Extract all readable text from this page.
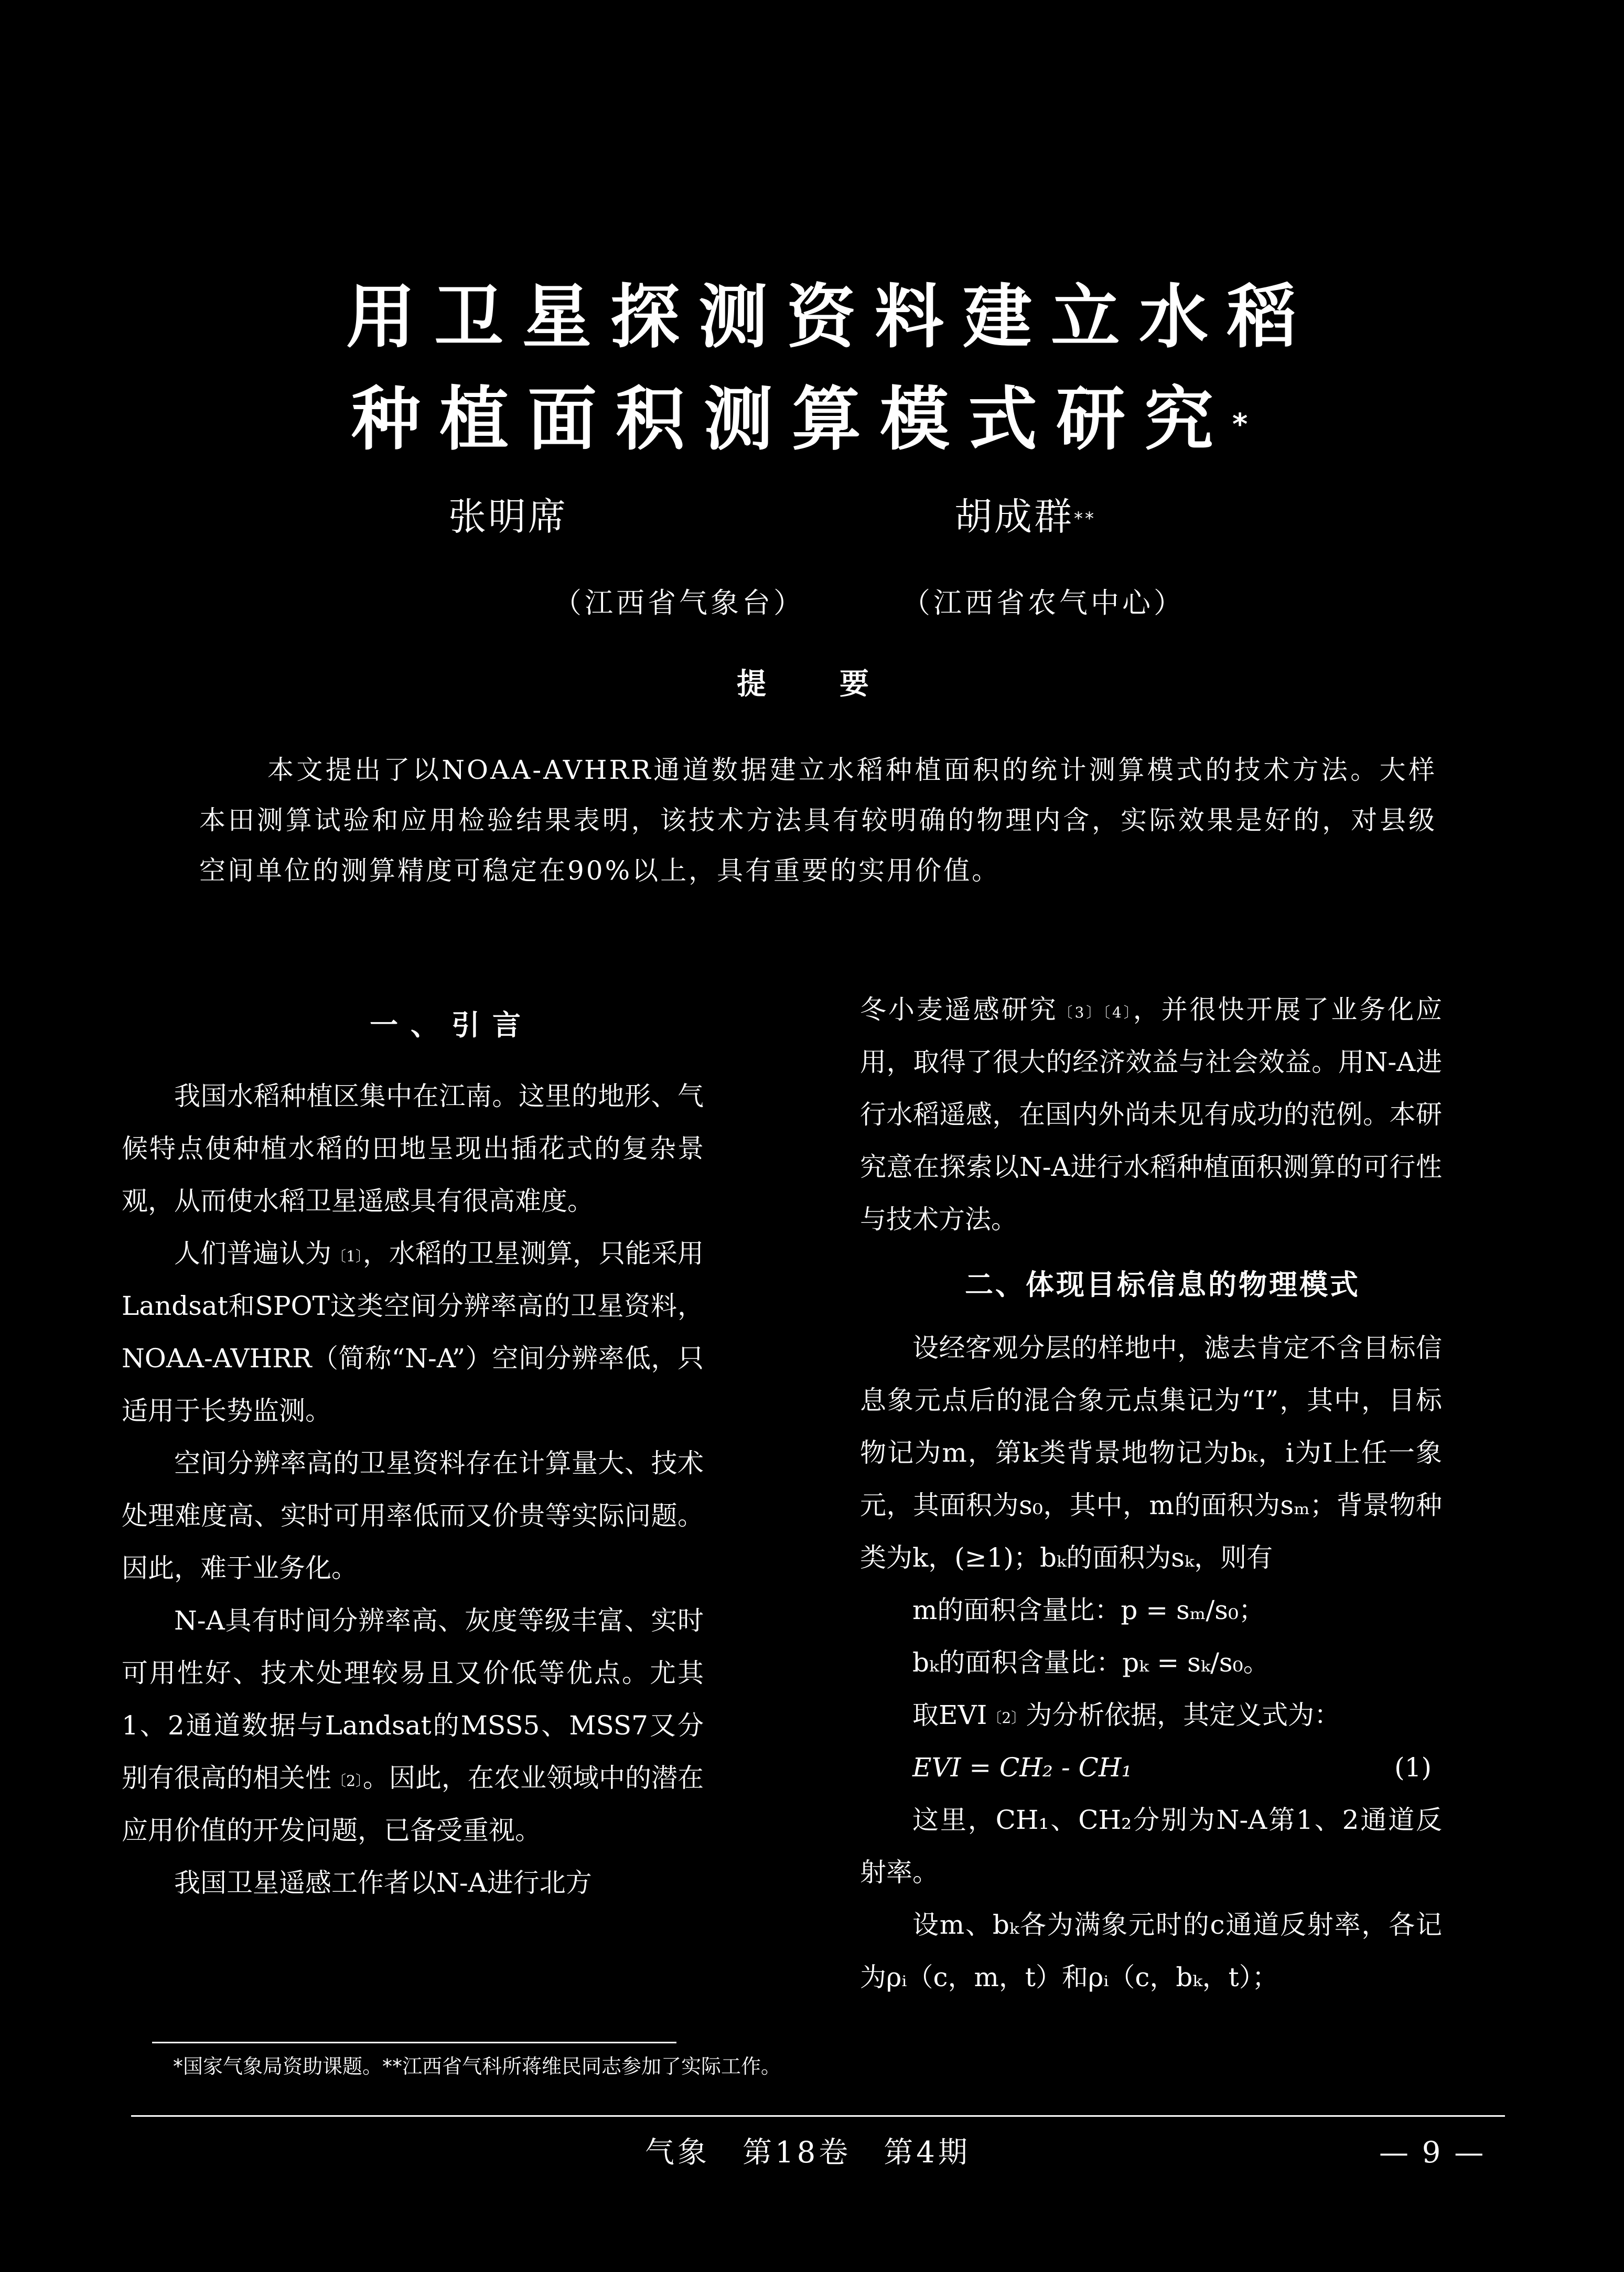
用卫星探测资料建立水稻
种植面积测算模式研究*
张明席	胡成群**
（江西省气象台）	（江西省农气中心）
提要

本文提出了以NOAA-AVHRR通道数据建立水稻种植面积的统计测算模式的技术方法。大样本田测算试验和应用检验结果表明，该技术方法具有较明确的物理内含，实际效果是好的，对县级空间单位的测算精度可稳定在90%以上，具有重要的实用价值。

一、引言

我国水稻种植区集中在江南。这里的地形、气候特点使种植水稻的田地呈现出插花式的复杂景观，从而使水稻卫星遥感具有很高难度。

人们普遍认为$^{〔1〕}$，水稻的卫星测算，只能采用Landsat和SPOT这类空间分辨率高的卫星资料，NOAA-AVHRR（简称“N-A”）空间分辨率低，只适用于长势监测。

空间分辨率高的卫星资料存在计算量大、技术处理难度高、实时可用率低而又价贵等实际问题。因此，难于业务化。

N-A具有时间分辨率高、灰度等级丰富、实时可用性好、技术处理较易且又价低等优点。尤其1、2通道数据与Landsat的MSS5、MSS7又分别有很高的相关性$^{〔2〕}$。因此，在农业领域中的潜在应用价值的开发问题，已备受重视。

我国卫星遥感工作者以N-A进行北方

冬小麦遥感研究$^{〔3〕〔4〕}$，并很快开展了业务化应用，取得了很大的经济效益与社会效益。用N-A进行水稻遥感，在国内外尚未见有成功的范例。本研究意在探索以N-A进行水稻种植面积测算的可行性与技术方法。

二、体现目标信息的物理模式

设经客观分层的样地中，滤去肯定不含目标信息象元点后的混合象元点集记为“I”，其中，目标物记为m，第k类背景地物记为bₖ，i为I上任一象元，其面积为s₀，其中，m的面积为sₘ；背景物种类为k，(≥1)；bₖ的面积为sₖ，则有

m的面积含量比：p = sₘ/s₀；

bₖ的面积含量比：pₖ = sₖ/s₀。

取EVI$^{〔2〕}$为分析依据，其定义式为：

EVI = CH₂ - CH₁	(1)

这里，CH₁、CH₂分别为N-A第1、2通道反射率。

设m、bₖ各为满象元时的c通道反射率，各记为ρᵢ（c，m，t）和ρᵢ（c，bₖ，t）；

*国家气象局资助课题。**江西省气科所蒋维民同志参加了实际工作。
气象　第18卷　第4期	— 9 —
